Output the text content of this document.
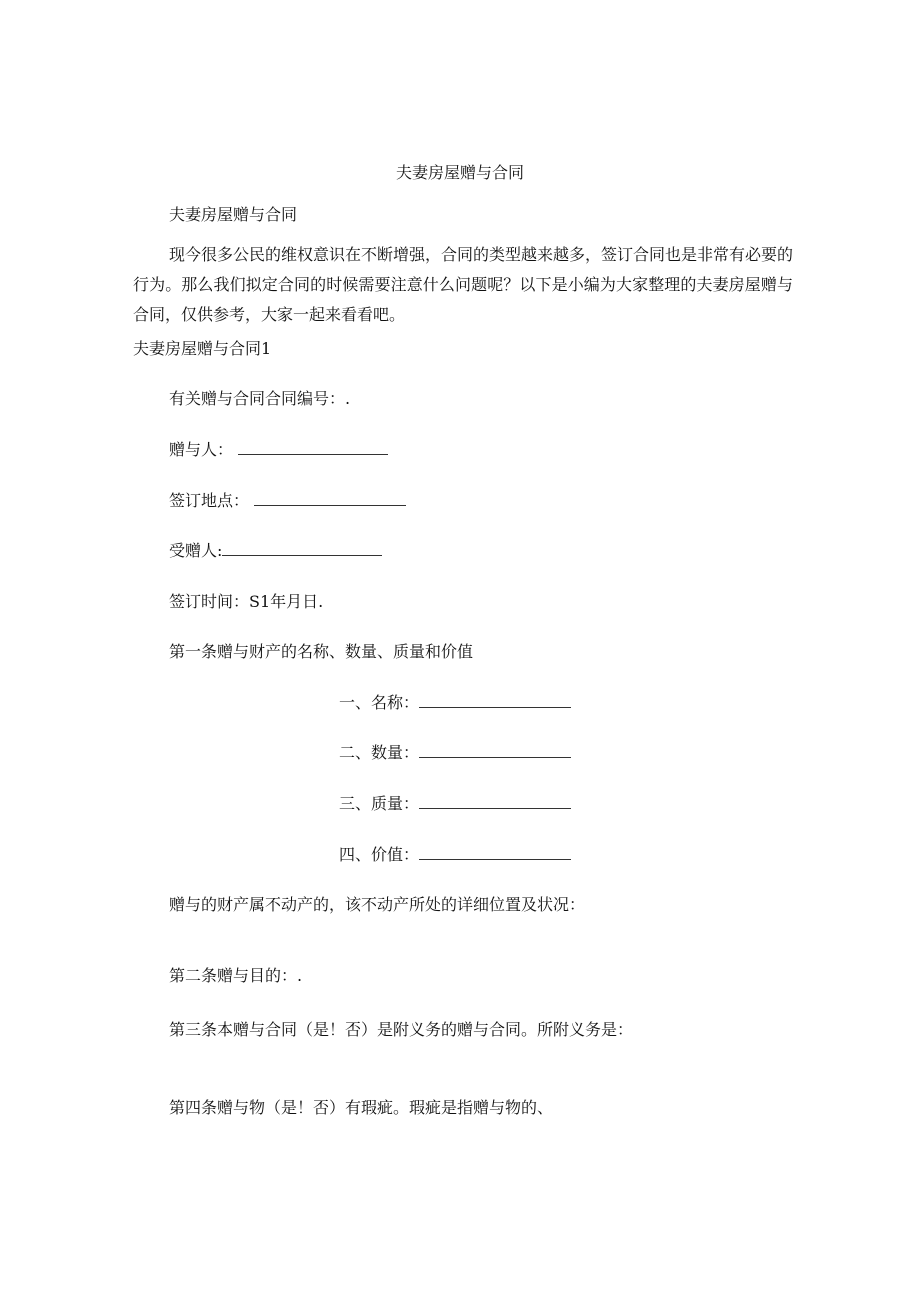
夫妻房屋赠与合同

夫妻房屋赠与合同

现今很多公民的维权意识在不断增强，合同的类型越来越多，签订合同也是非常有必要的行为。那么我们拟定合同的时候需要注意什么问题呢？以下是小编为大家整理的夫妻房屋赠与合同，仅供参考，大家一起来看看吧。

夫妻房屋赠与合同1

有关赠与合同合同编号：.

赠与人：

签订地点：

受赠人:

签订时间：S1年月日.

第一条赠与财产的名称、数量、质量和价值

一、名称：

二、数量：

三、质量：

四、价值：

赠与的财产属不动产的，该不动产所处的详细位置及状况：

第二条赠与目的：.

第三条本赠与合同（是！否）是附义务的赠与合同。所附义务是：

第四条赠与物（是！否）有瑕疵。瑕疵是指赠与物的、
